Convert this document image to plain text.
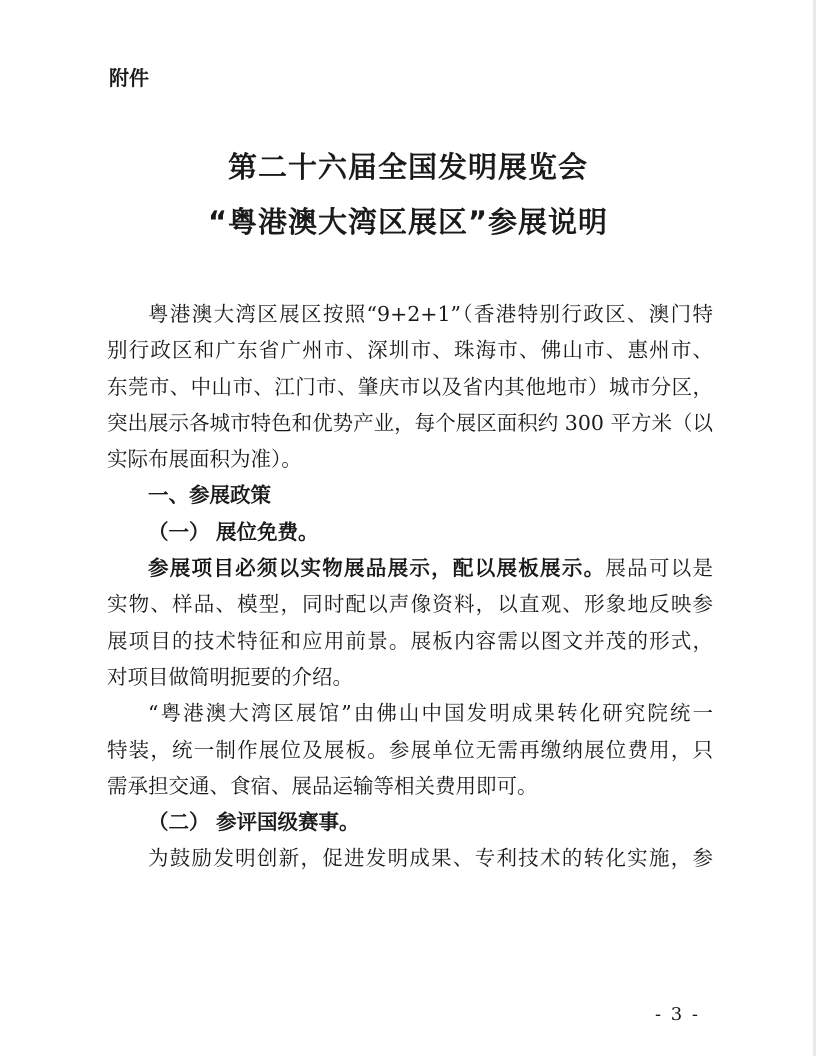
附件
第二十六届全国发明展览会
“粤港澳大湾区展区”参展说明

粤港澳大湾区展区按照“9+2+1”（香港特别行政区、澳门特

别行政区和广东省广州市、深圳市、珠海市、佛山市、惠州市、

东莞市、中山市、江门市、肇庆市以及省内其他地市）城市分区，

突出展示各城市特色和优势产业，每个展区面积约 300 平方米（以

实际布展面积为准）。

一、参展政策

（一） 展位免费。

参展项目必须以实物展品展示，配以展板展示。展品可以是

实物、样品、模型，同时配以声像资料，以直观、形象地反映参

展项目的技术特征和应用前景。展板内容需以图文并茂的形式，

对项目做简明扼要的介绍。

“粤港澳大湾区展馆”由佛山中国发明成果转化研究院统一

特装，统一制作展位及展板。参展单位无需再缴纳展位费用，只

需承担交通、食宿、展品运输等相关费用即可。

（二） 参评国级赛事。

为鼓励发明创新，促进发明成果、专利技术的转化实施，参

- 3 -
